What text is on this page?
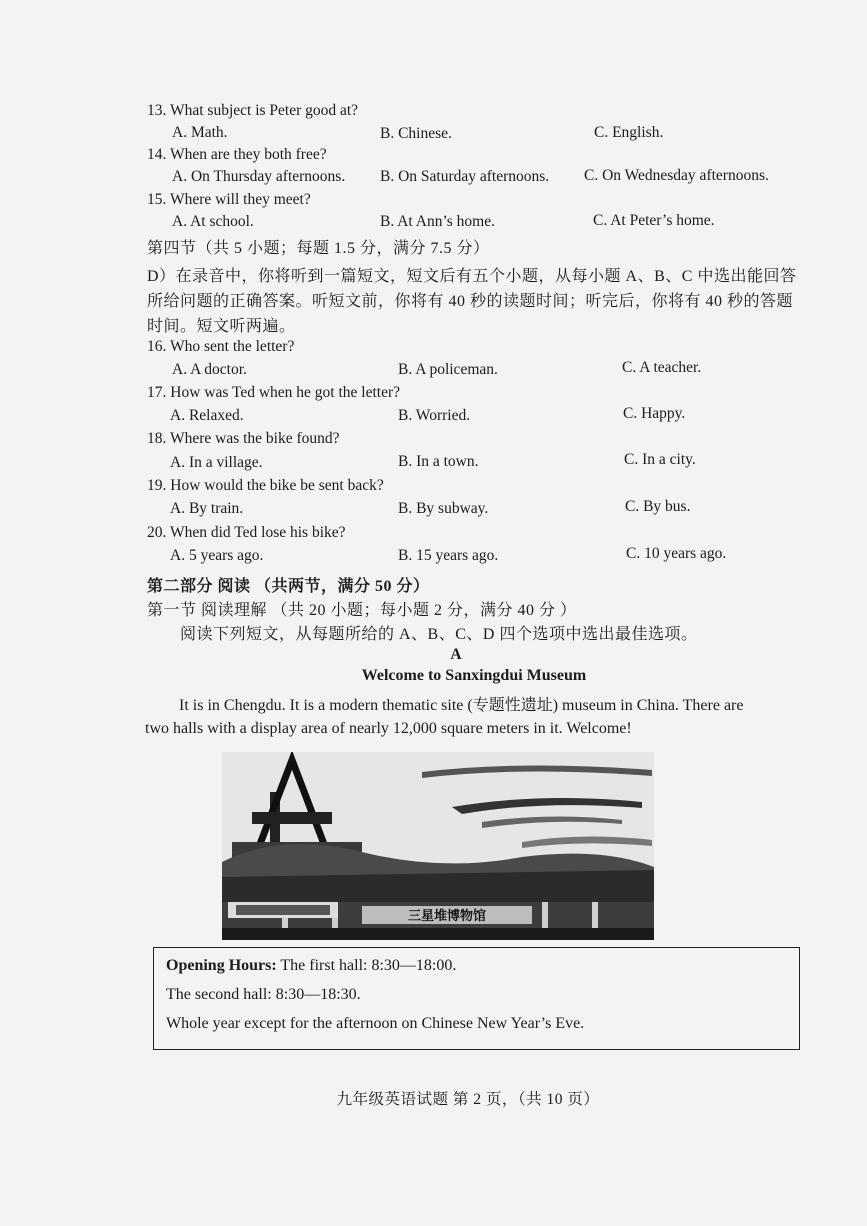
13. What subject is Peter good at?
A. Math.	B. Chinese.	C. English.
14. When are they both free?
A. On Thursday afternoons. B. On Saturday afternoons. C. On Wednesday afternoons.
15. Where will they meet?
A. At school.	B. At Ann’s home.	C. At Peter’s home.
第四节（共 5 小题；每题 1.5 分，满分 7.5 分）
D）在录音中，你将听到一篇短文，短文后有五个小题，从每小题 A、B、C 中选出能回答
所给问题的正确答案。听短文前，你将有 40 秒的读题时间；听完后，你将有 40 秒的答题
时间。短文听两遍。
16. Who sent the letter?
A. A doctor.	B. A policeman.	C. A teacher.
17. How was Ted when he got the letter?
A. Relaxed.	B. Worried.	C. Happy.
18. Where was the bike found?
A. In a village.	B. In a town.	C. In a city.
19. How would the bike be sent back?
A. By train.	B. By subway.	C. By bus.
20. When did Ted lose his bike?
A. 5 years ago.	B. 15 years ago.	C. 10 years ago.
第二部分 阅读 （共两节，满分 50 分）
第一节 阅读理解 （共 20 小题；每小题 2 分，满分 40 分 ）
阅读下列短文，从每题所给的 A、B、C、D 四个选项中选出最佳选项。
A
Welcome to Sanxingdui Museum
It is in Chengdu. It is a modern thematic site (专题性遗址) museum in China. There are
two halls with a display area of nearly 12,000 square meters in it. Welcome!
三星堆博物馆
Opening Hours: The first hall: 8:30—18:00.
The second hall: 8:30—18:30.
Whole year except for the afternoon on Chinese New Year’s Eve.
九年级英语试题 第 2 页，（共 10 页）
